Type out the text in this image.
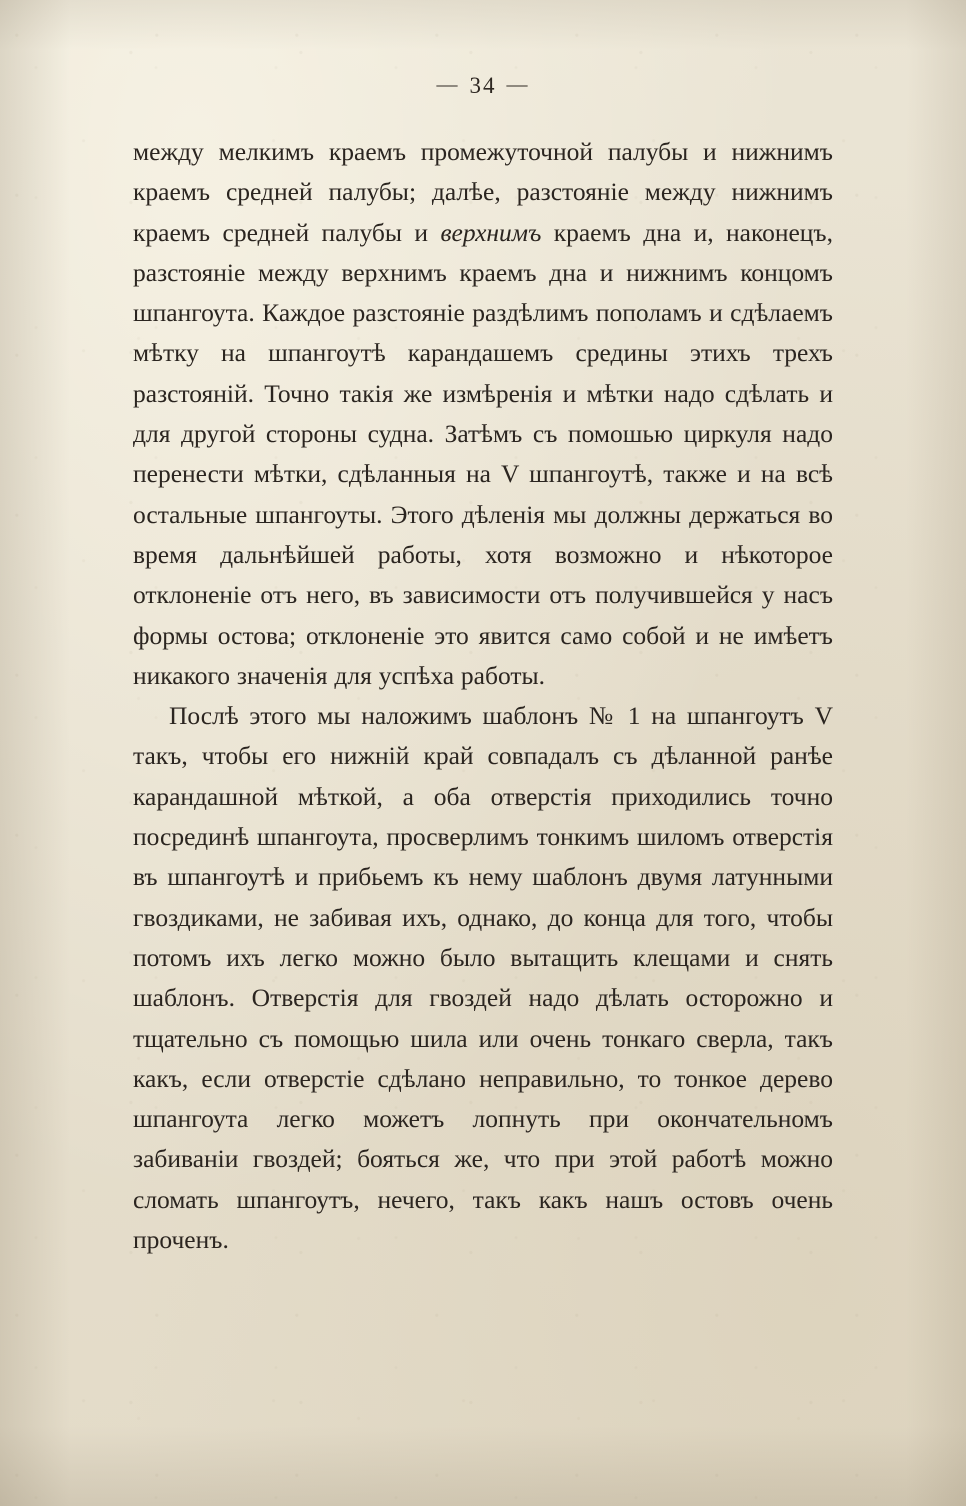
— 34 —

между мелкимъ краемъ промежуточной палубы и нижнимъ краемъ средней палубы; далѣе, разстояніе между нижнимъ краемъ средней палубы и верхнимъ краемъ дна и, наконецъ, разстояніе между верхнимъ краемъ дна и нижнимъ концомъ шпангоута. Каждое разстояніе раздѣлимъ пополамъ и сдѣлаемъ мѣтку на шпангоутѣ карандашемъ средины этихъ трехъ разстояній. Точно такія же измѣренія и мѣтки надо сдѣлать и для другой стороны судна. Затѣмъ съ помошью циркуля надо перенести мѣтки, сдѣланныя на V шпангоутѣ, также и на всѣ остальные шпангоуты. Этого дѣленія мы должны держаться во время дальнѣйшей работы, хотя возможно и нѣкоторое отклоненіе отъ него, въ зависимости отъ получившейся у насъ формы остова; отклоненіе это явится само собой и не имѣетъ никакого значенія для успѣха работы.

Послѣ этого мы наложимъ шаблонъ № 1 на шпангоутъ V такъ, чтобы его нижній край совпадалъ съ дѣланной ранѣе карандашной мѣткой, а оба отверстія приходились точно посрединѣ шпангоута, просверлимъ тонкимъ шиломъ отверстія въ шпангоутѣ и прибьемъ къ нему шаблонъ двумя латунными гвоздиками, не забивая ихъ, однако, до конца для того, чтобы потомъ ихъ легко можно было вытащить клещами и снять шаблонъ. Отверстія для гвоздей надо дѣлать осторожно и тщательно съ помощью шила или очень тонкаго сверла, такъ какъ, если отверстіе сдѣлано неправильно, то тонкое дерево шпангоута легко можетъ лопнуть при окончательномъ забиваніи гвоздей; бояться же, что при этой работѣ можно сломать шпангоутъ, нечего, такъ какъ нашъ остовъ очень проченъ.
